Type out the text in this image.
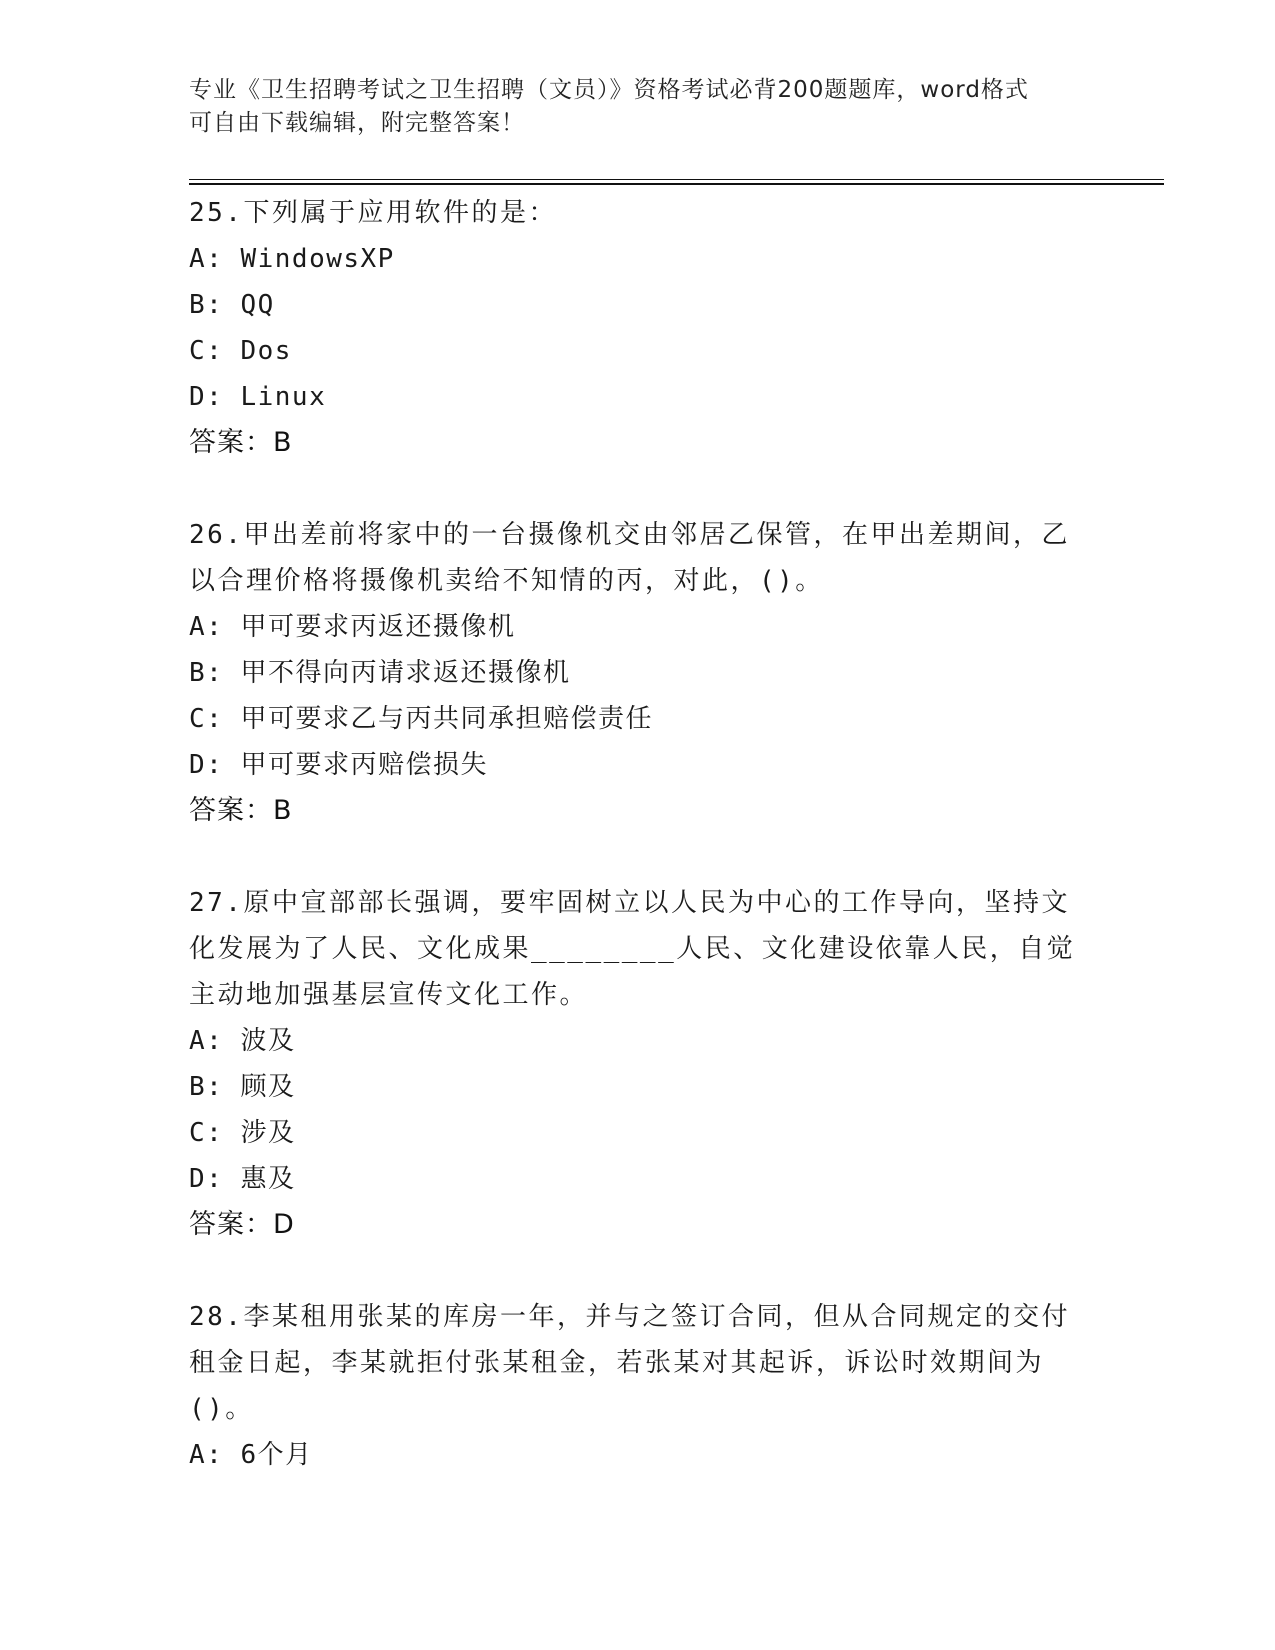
专业《卫生招聘考试之卫生招聘（文员）》资格考试必背200题题库，word格式
可自由下载编辑，附完整答案！
25.下列属于应用软件的是：
A: WindowsXP
B: QQ
C: Dos
D: Linux
答案：B
26.甲出差前将家中的一台摄像机交由邻居乙保管，在甲出差期间，乙
以合理价格将摄像机卖给不知情的丙，对此，()。
A: 甲可要求丙返还摄像机
B: 甲不得向丙请求返还摄像机
C: 甲可要求乙与丙共同承担赔偿责任
D: 甲可要求丙赔偿损失
答案：B
27.原中宣部部长强调，要牢固树立以人民为中心的工作导向，坚持文
化发展为了人民、文化成果________人民、文化建设依靠人民，自觉
主动地加强基层宣传文化工作。
A: 波及
B: 顾及
C: 涉及
D: 惠及
答案：D
28.李某租用张某的库房一年，并与之签订合同，但从合同规定的交付
租金日起，李某就拒付张某租金，若张某对其起诉，诉讼时效期间为
()。
A: 6个月
